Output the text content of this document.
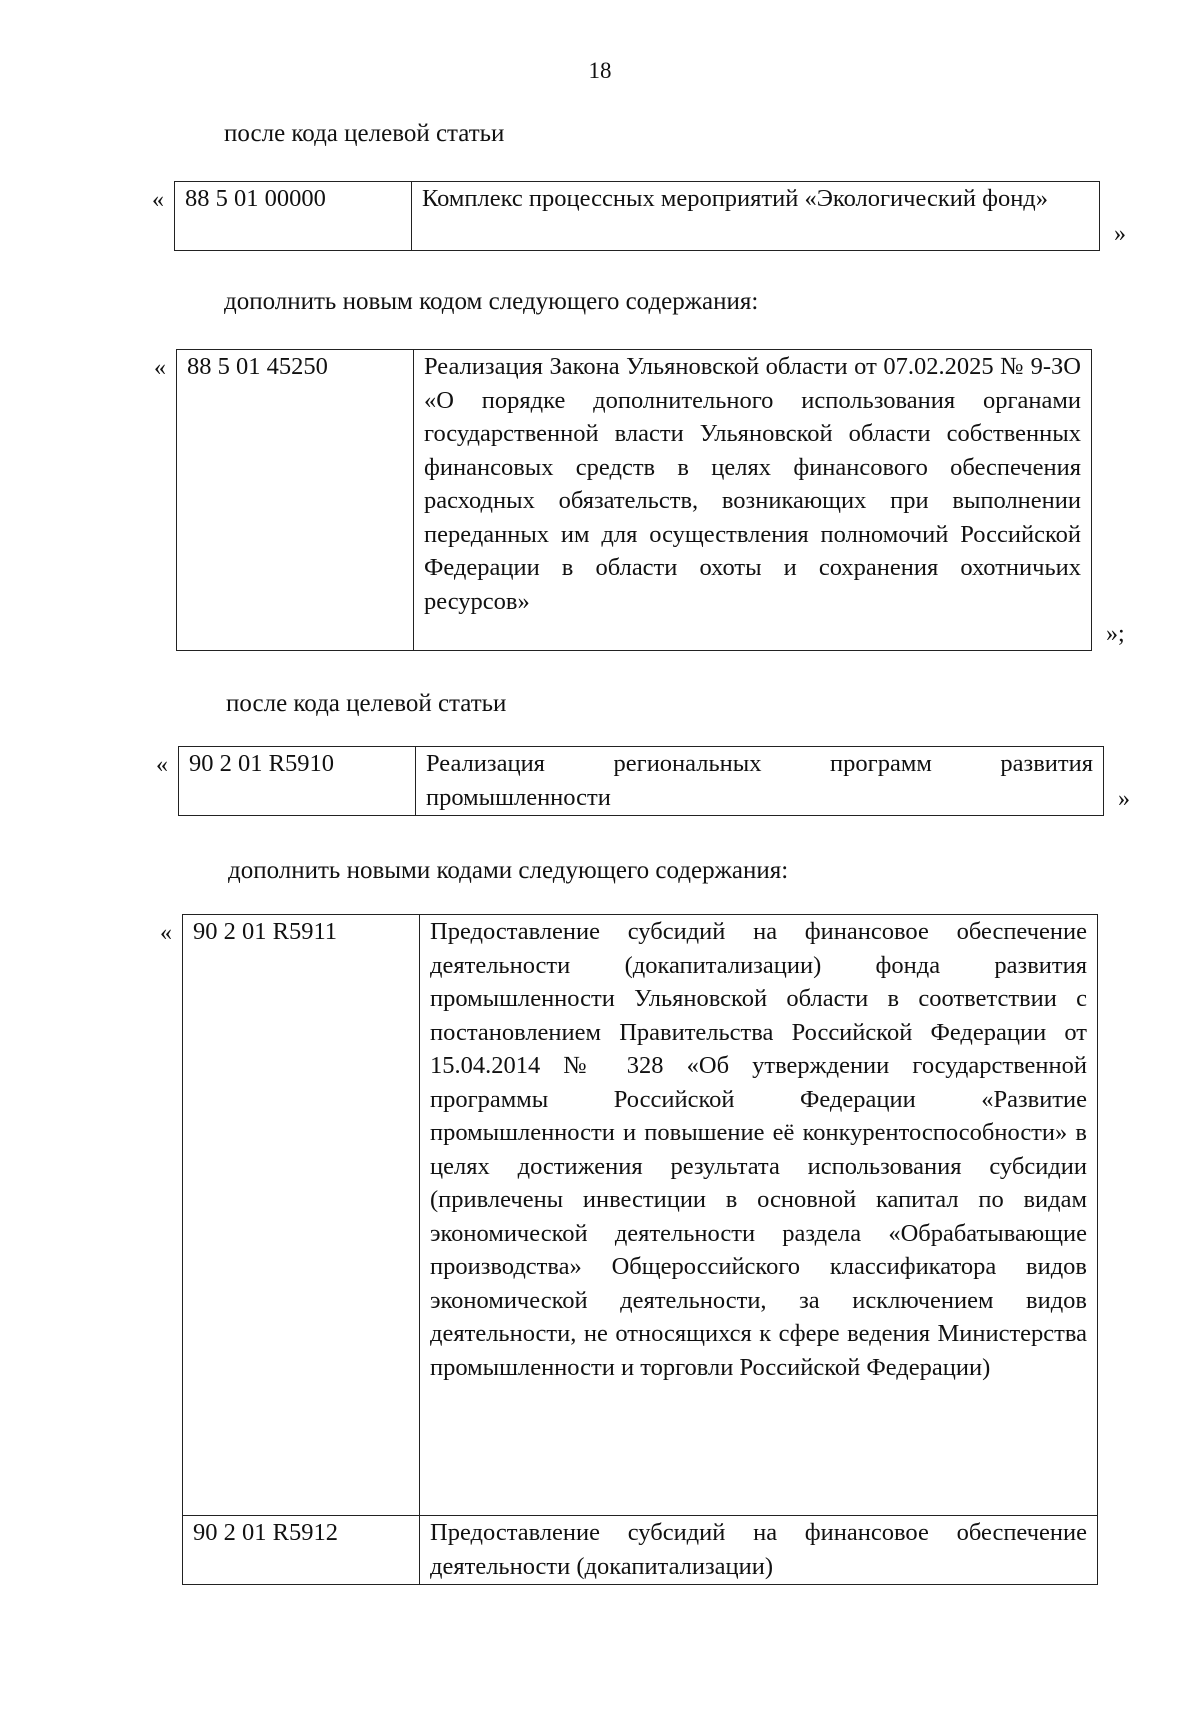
18
после кода целевой статьи
« 88 5 01 00000	Комплекс процессных мероприятий «Экологический фонд»
»
дополнить новым кодом следующего содержания:
« 88 5 01 45250	Реализация Закона Ульяновской области от 07.02.2025 № 9-ЗО «О порядке дополнительного использования органами государственной власти Ульяновской области собственных финансовых средств в целях финансового обеспечения расходных обязательств, возникающих при выполнении переданных им для осуществления полномочий Российской Федерации в области охоты и сохранения охотничьих ресурсов»
»;
после кода целевой статьи
« 90 2 01 R5910	Реализация региональных программ развития промышленности	»
дополнить новыми кодами следующего содержания:
« 90 2 01 R5911	Предоставление субсидий на финансовое обеспечение деятельности (докапитализации) фонда развития промышленности Ульяновской области в соответствии с постановлением Правительства Российской Федерации от 15.04.2014 № 328 «Об утверждении государственной программы Российской Федерации «Развитие промышленности и повышение её конкурентоспособности» в целях достижения результата использования субсидии (привлечены инвестиции в основной капитал по видам экономической деятельности раздела «Обрабатывающие производства» Общероссийского классификатора видов экономической деятельности, за исключением видов деятельности, не относящихся к сфере ведения Министерства промышленности и торговли Российской Федерации)

90 2 01 R5912	Предоставление субсидий на финансовое обеспечение деятельности (докапитализации)
